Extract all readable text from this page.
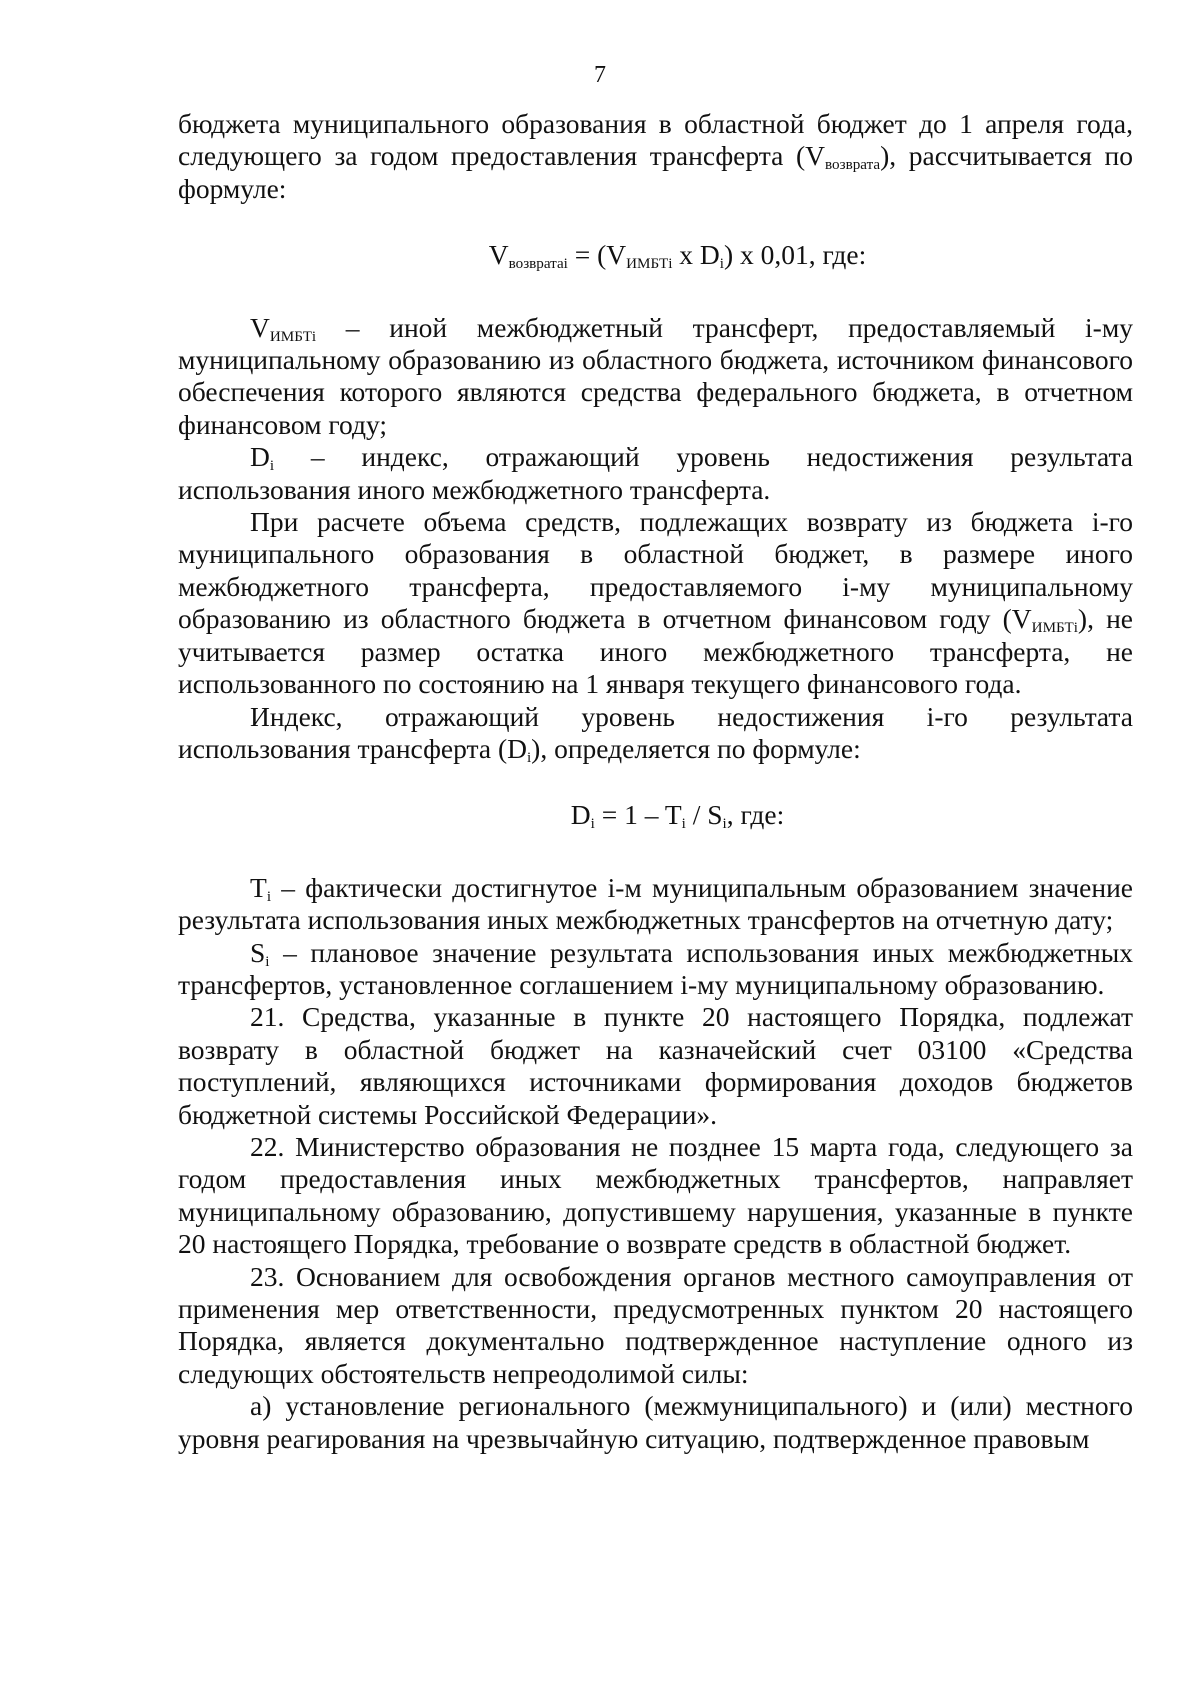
7

бюджета муниципального образования в областной бюджет до 1 апреля года, следующего за годом предоставления трансферта $(V_{возврата})$, рассчитывается по формуле:

$V_{возвратаi} = (V_{ИМБТi}$ x $D_i$) x 0,01, где:

$V_{ИМБТi}$ – иной межбюджетный трансферт, предоставляемый i-му муниципальному образованию из областного бюджета, источником финансового обеспечения которого являются средства федерального бюджета, в отчетном финансовом году;

$D_i$ – индекс, отражающий уровень недостижения результата использования иного межбюджетного трансферта.

При расчете объема средств, подлежащих возврату из бюджета i-го муниципального образования в областной бюджет, в размере иного межбюджетного трансферта, предоставляемого i-му муниципальному образованию из областного бюджета в отчетном финансовом году $(V_{ИМБТi})$, не учитывается размер остатка иного межбюджетного трансферта, не использованного по состоянию на 1 января текущего финансового года.

Индекс, отражающий уровень недостижения i-го результата использования трансферта $(D_i)$, определяется по формуле:

$D_i = 1 - T_i / S_i$, где:

$T_i$ – фактически достигнутое i-м муниципальным образованием значение результата использования иных межбюджетных трансфертов на отчетную дату;

$S_i$ – плановое значение результата использования иных межбюджетных трансфертов, установленное соглашением i-му муниципальному образованию.

21. Средства, указанные в пункте 20 настоящего Порядка, подлежат возврату в областной бюджет на казначейский счет 03100 «Средства поступлений, являющихся источниками формирования доходов бюджетов бюджетной системы Российской Федерации».

22. Министерство образования не позднее 15 марта года, следующего за годом предоставления иных межбюджетных трансфертов, направляет муниципальному образованию, допустившему нарушения, указанные в пункте 20 настоящего Порядка, требование о возврате средств в областной бюджет.

23. Основанием для освобождения органов местного самоуправления от применения мер ответственности, предусмотренных пунктом 20 настоящего Порядка, является документально подтвержденное наступление одного из следующих обстоятельств непреодолимой силы:

а) установление регионального (межмуниципального) и (или) местного уровня реагирования на чрезвычайную ситуацию, подтвержденное правовым
